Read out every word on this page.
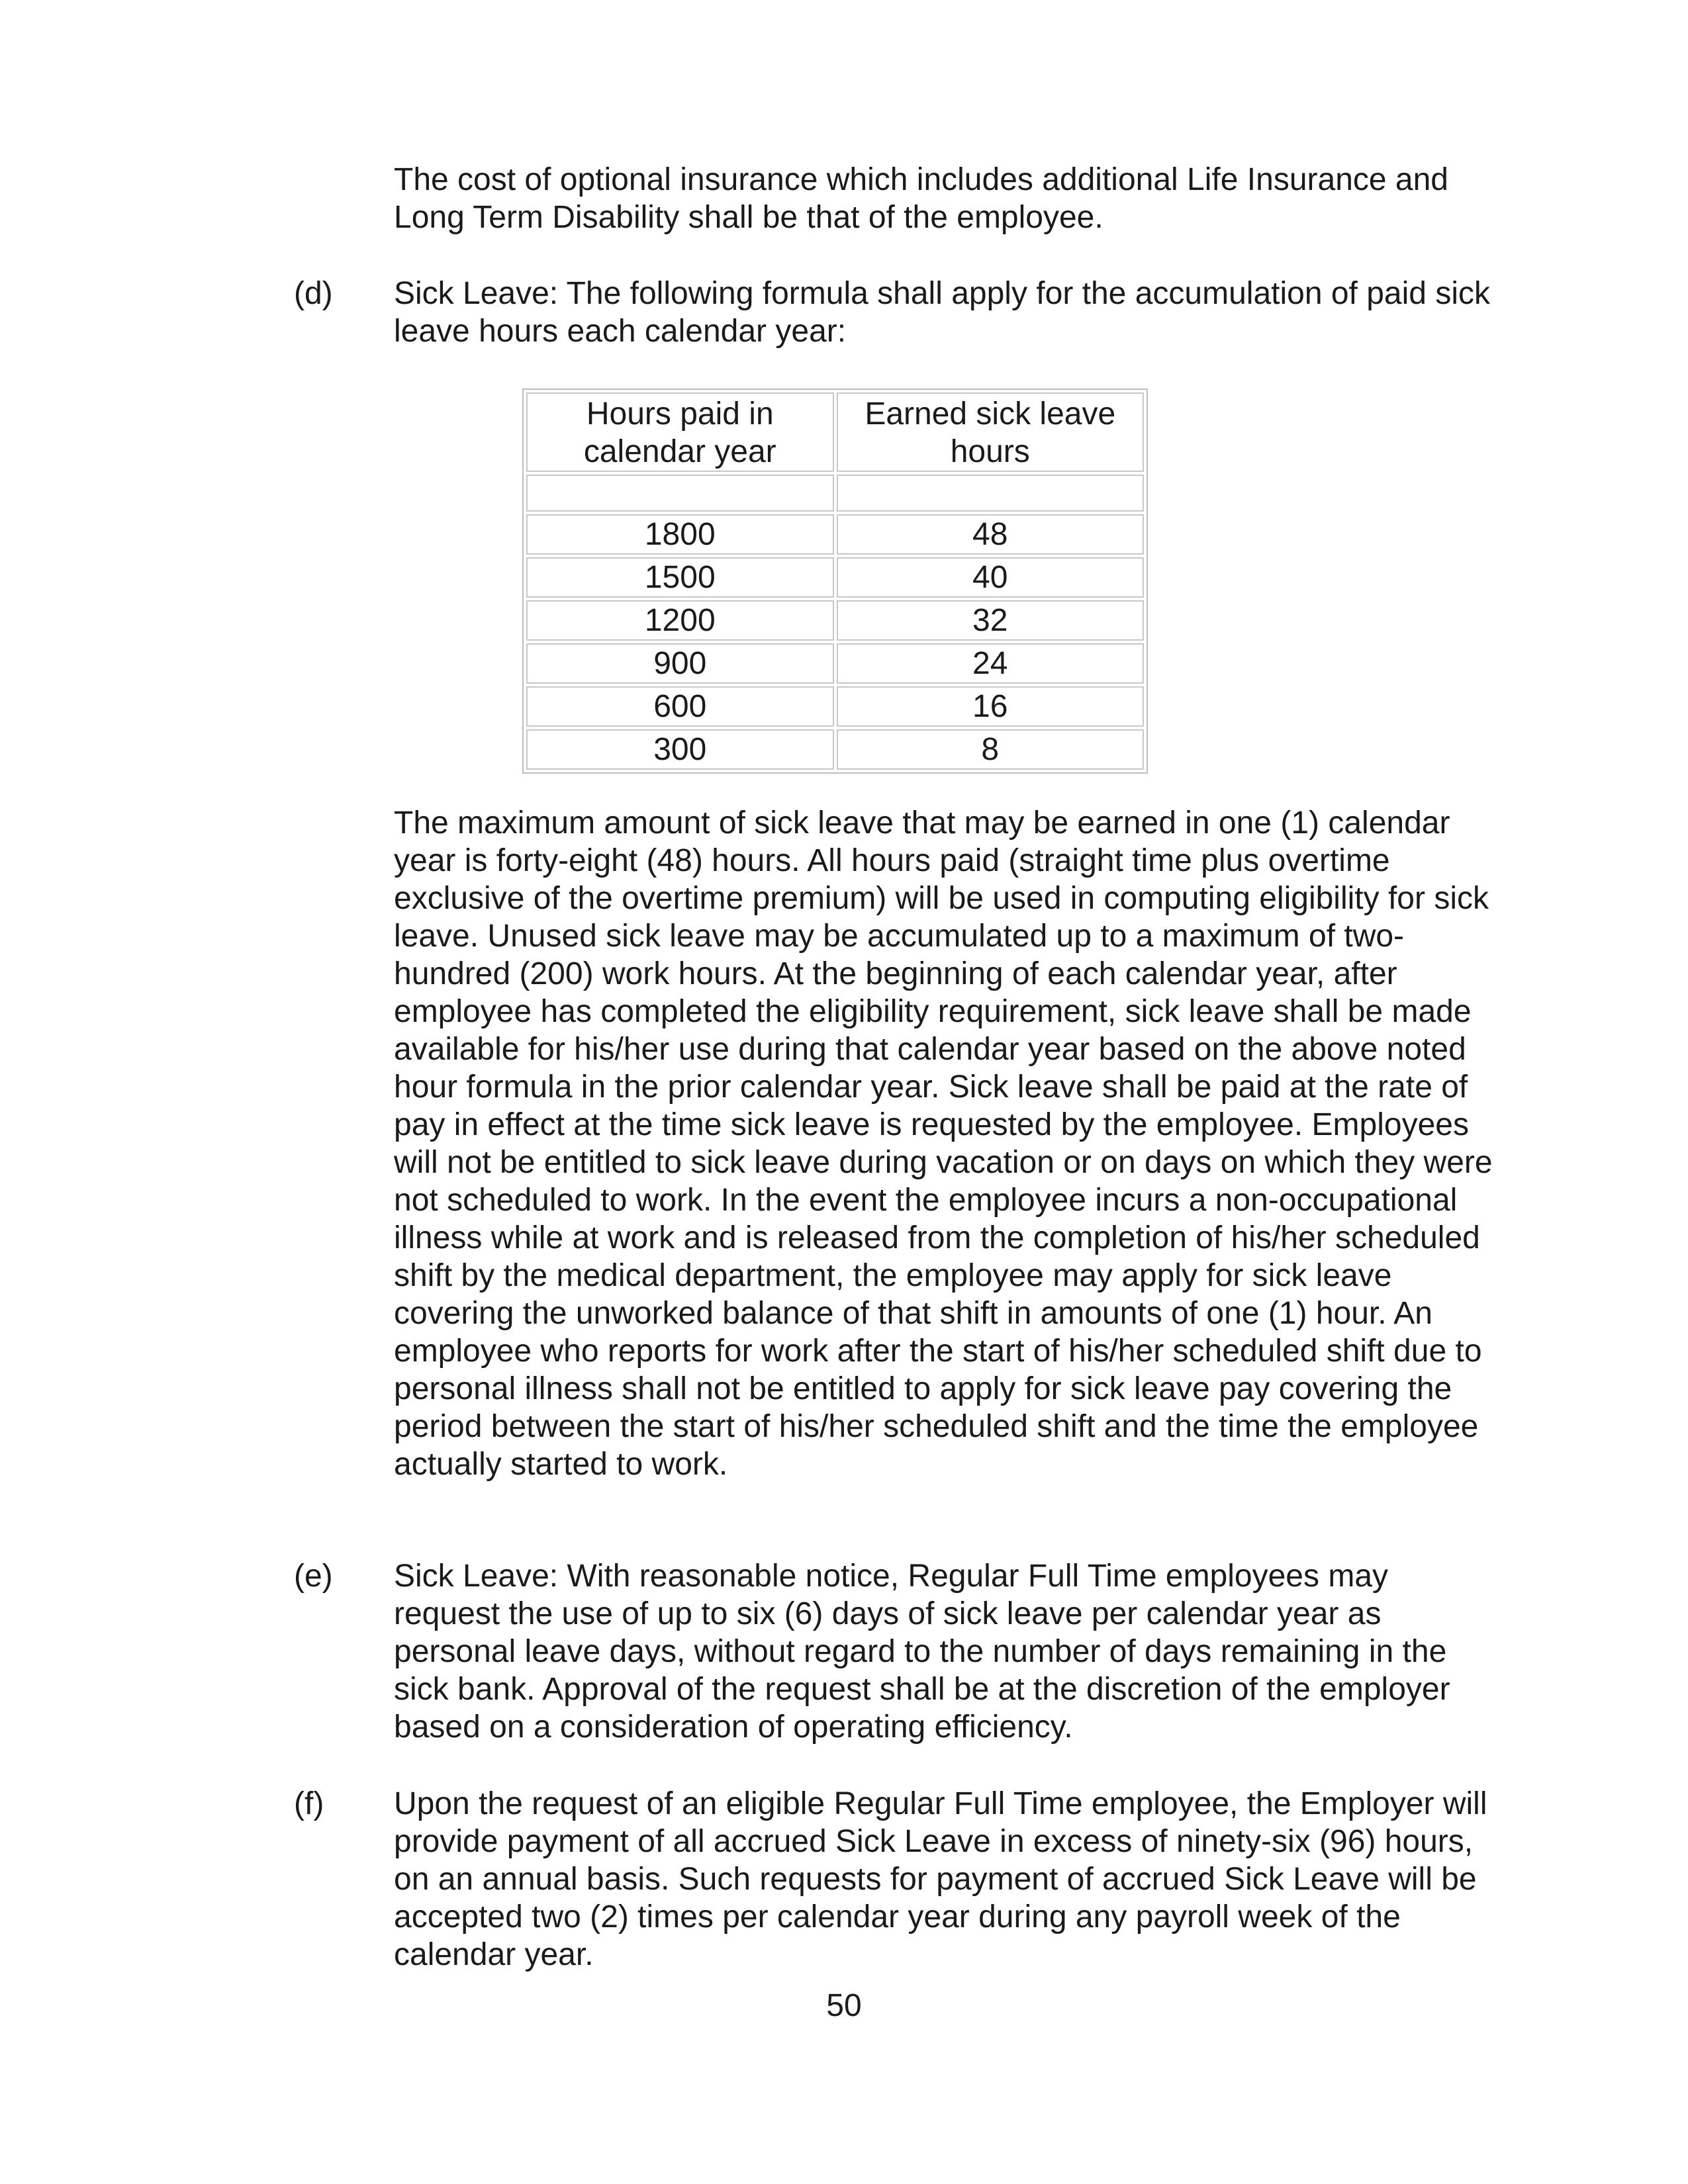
The cost of optional insurance which includes additional Life Insurance and Long Term Disability shall be that of the employee.

(d) Sick Leave: The following formula shall apply for the accumulation of paid sick leave hours each calendar year:

Hours paid in calendar year	Earned sick leave hours

1800	48
1500	40
1200	32
900	24
600	16
300	8

The maximum amount of sick leave that may be earned in one (1) calendar year is forty-eight (48) hours. All hours paid (straight time plus overtime exclusive of the overtime premium) will be used in computing eligibility for sick leave. Unused sick leave may be accumulated up to a maximum of two-hundred (200) work hours. At the beginning of each calendar year, after employee has completed the eligibility requirement, sick leave shall be made available for his/her use during that calendar year based on the above noted hour formula in the prior calendar year. Sick leave shall be paid at the rate of pay in effect at the time sick leave is requested by the employee. Employees will not be entitled to sick leave during vacation or on days on which they were not scheduled to work. In the event the employee incurs a non-occupational illness while at work and is released from the completion of his/her scheduled shift by the medical department, the employee may apply for sick leave covering the unworked balance of that shift in amounts of one (1) hour. An employee who reports for work after the start of his/her scheduled shift due to personal illness shall not be entitled to apply for sick leave pay covering the period between the start of his/her scheduled shift and the time the employee actually started to work.

(e) Sick Leave: With reasonable notice, Regular Full Time employees may request the use of up to six (6) days of sick leave per calendar year as personal leave days, without regard to the number of days remaining in the sick bank. Approval of the request shall be at the discretion of the employer based on a consideration of operating efficiency.

(f) Upon the request of an eligible Regular Full Time employee, the Employer will provide payment of all accrued Sick Leave in excess of ninety-six (96) hours, on an annual basis. Such requests for payment of accrued Sick Leave will be accepted two (2) times per calendar year during any payroll week of the calendar year.

50
